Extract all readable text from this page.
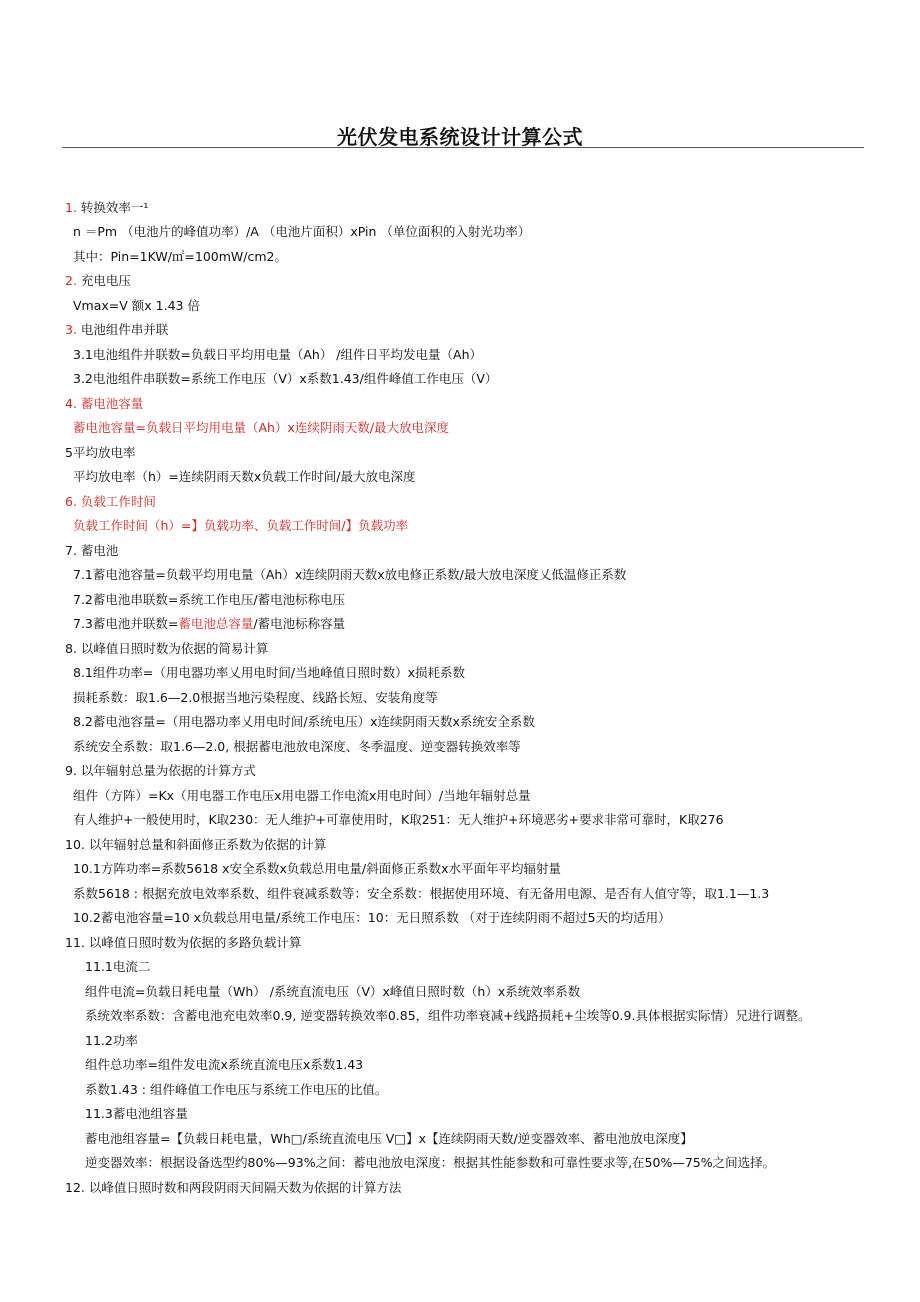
光伏发电系统设计计算公式
1. 转换效率一¹
n ＝Pm （电池片的峰值功率）/A （电池片面积）xPin （单位面积的入射光功率）
其中：Pin=1KW/㎡=100mW/cm2。
2. 充电电压
Vmax=V 额x 1.43 倍
3. 电池组件串并联
3.1电池组件并联数=负载日平均用电量（Ah） /组件日平均发电量（Ah）
3.2电池组件串联数=系统工作电压（V）x系数1.43/组件峰值工作电压（V）
4. 蓄电池容量
蓄电池容量=负载日平均用电量（Ah）x连续阴雨天数/最大放电深度
5平均放电率
平均放电率（h）=连续阴雨天数x负载工作时间/最大放电深度
6. 负载工作时间
负载工作时间（h）=】负载功率、负载工作时间/】负载功率
7. 蓄电池
7.1蓄电池容量=负载平均用电量（Ah）x连续阴雨天数x放电修正系数/最大放电深度乂低温修正系数
7.2蓄电池串联数=系统工作电压/蓄电池标称电压
7.3蓄电池并联数=蓄电池总容量/蓄电池标称容量
8. 以峰值日照时数为依据的简易计算
8.1组件功率=（用电器功率乂用电时间/当地峰值日照时数）x损耗系数
损耗系数：取1.6—2.0根据当地污染程度、线路长短、安装角度等
8.2蓄电池容量=（用电器功率乂用电时间/系统电压）x连续阴雨天数x系统安全系数
系统安全系数：取1.6—2.0, 根据蓄电池放电深度、冬季温度、逆变器转换效率等
9. 以年辐射总量为依据的计算方式
组件（方阵）=Kx（用电器工作电压x用电器工作电流x用电时间）/当地年辐射总量
有人维护+一般使用时，K取230：无人维护+可靠使用时，K取251：无人维护+环境恶劣+要求非常可靠时，K取276
10. 以年辐射总量和斜面修正系数为依据的计算
10.1方阵功率=系数5618 x安全系数x负载总用电量/斜面修正系数x水平面年平均辐射量
系数5618 : 根据充放电效率系数、组件衰减系数等：安全系数：根据使用环境、有无备用电源、是否有人值守等，取1.1—1.3
10.2蓄电池容量=10 x负载总用电量/系统工作电压：10：无日照系数 （对于连续阴雨不超过5天的均适用）
11. 以峰值日照时数为依据的多路负载计算
11.1电流二
组件电流=负载日耗电量（Wh） /系统直流电压（V）x峰值日照时数（h）x系统效率系数
系统效率系数：含蓄电池充电效率0.9, 逆变器转换效率0.85，组件功率衰减+线路损耗+尘埃等0.9.具体根据实际情）兄进行调整。
11.2功率
组件总功率=组件发电流x系统直流电压x系数1.43
系数1.43 : 组件峰值工作电压与系统工作电压的比值。
11.3蓄电池组容量
蓄电池组容量=【负载日耗电量，Wh□/系统直流电压 V□】x【连续阴雨天数/逆变器效率、蓄电池放电深度】
逆变器效率：根据设备选型约80%—93%之间：蓄电池放电深度：根据其性能参数和可靠性要求等,在50%—75%之间选择。
12. 以峰值日照时数和两段阴雨天间隔天数为依据的计算方法
